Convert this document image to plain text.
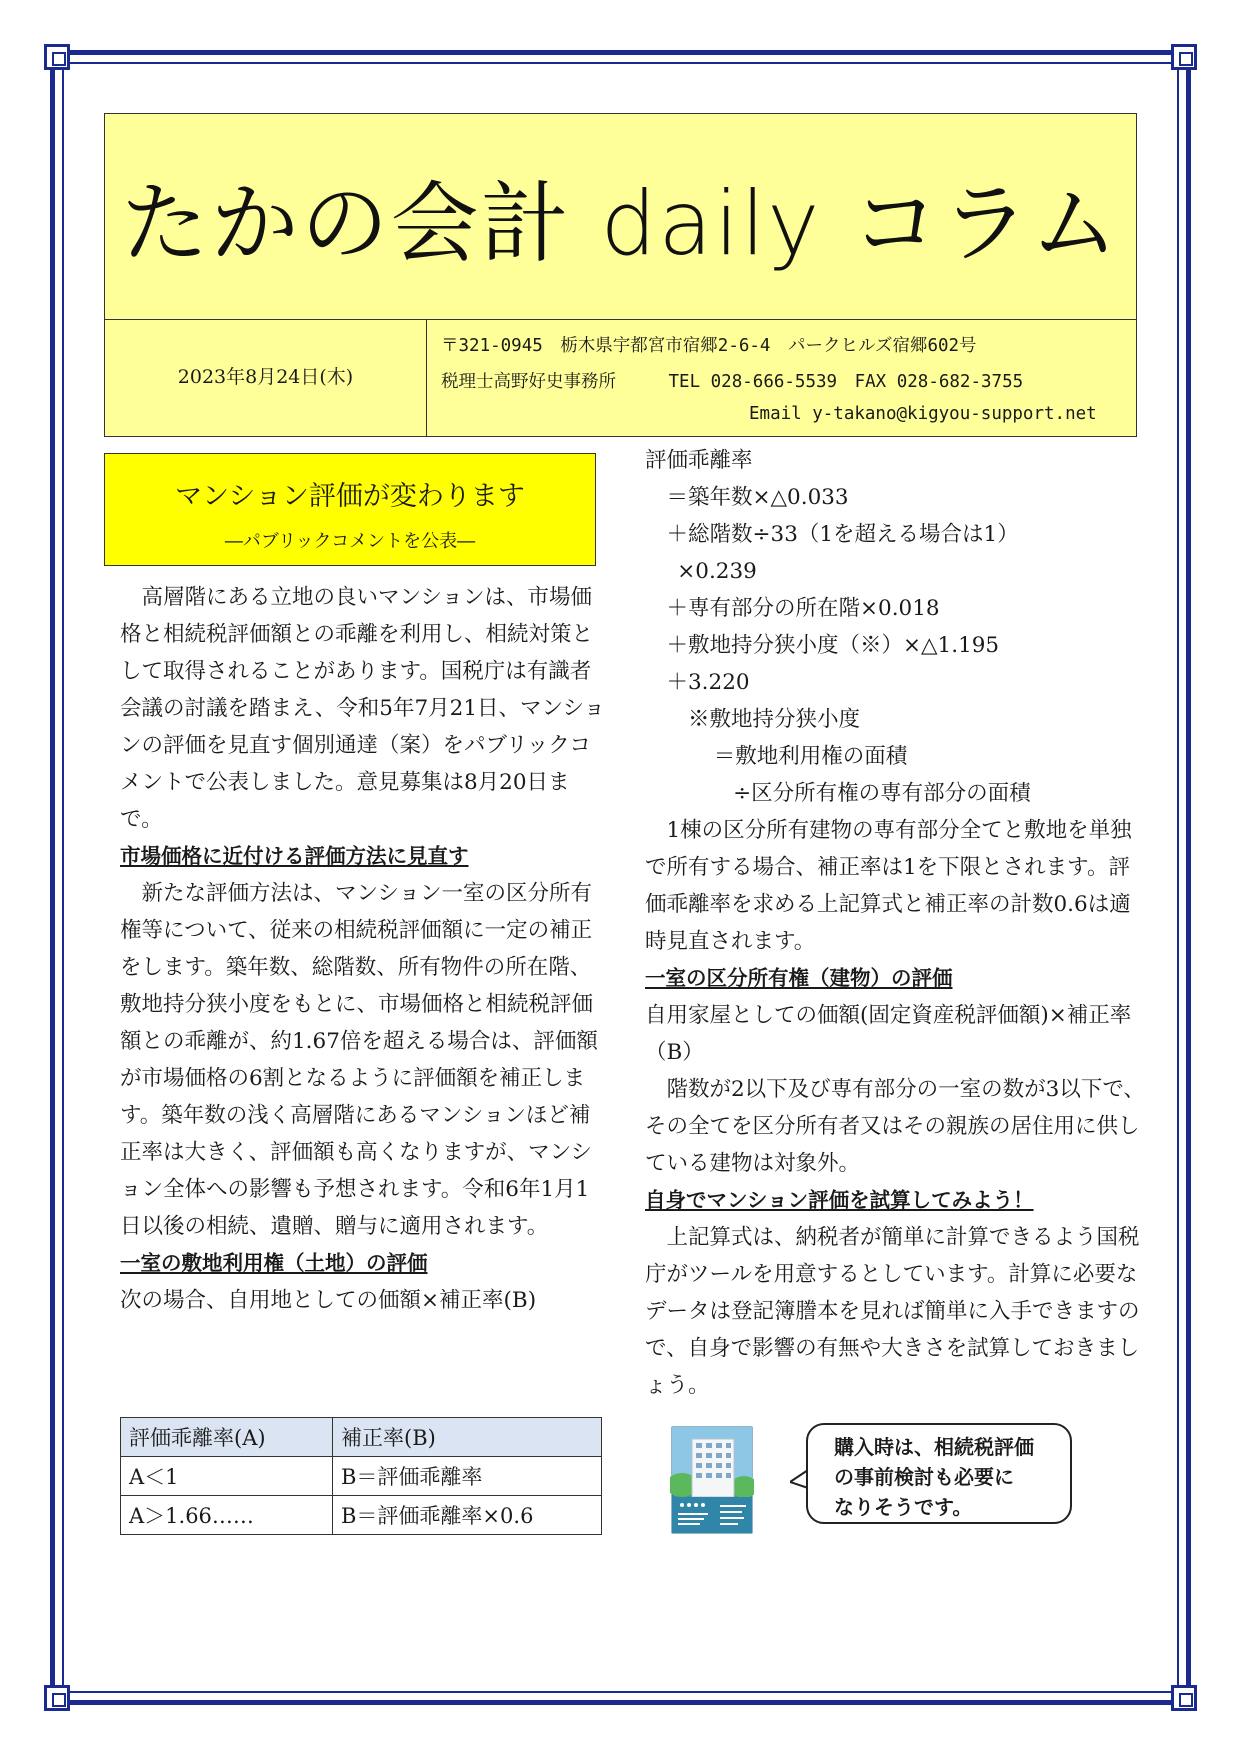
たかの会計 daily コラム
2023年8月24日(木)
〒321-0945　栃木県宇都宮市宿郷2-6-4　パークヒルズ宿郷602号
税理士高野好史事務所　　　TEL 028-666-5539　FAX 028-682-3755
Email y-takano@kigyou-support.net
マンション評価が変わります
―パブリックコメントを公表―

高層階にある立地の良いマンションは、市場価格と相続税評価額との乖離を利用し、相続対策として取得されることがあります。国税庁は有識者会議の討議を踏まえ、令和5年7月21日、マンションの評価を見直す個別通達（案）をパブリックコメントで公表しました。意見募集は8月20日まで。

市場価格に近付ける評価方法に見直す

新たな評価方法は、マンション一室の区分所有権等について、従来の相続税評価額に一定の補正をします。築年数、総階数、所有物件の所在階、敷地持分狭小度をもとに、市場価格と相続税評価額との乖離が、約1.67倍を超える場合は、評価額が市場価格の6割となるように評価額を補正します。築年数の浅く高層階にあるマンションほど補正率は大きく、評価額も高くなりますが、マンション全体への影響も予想されます。令和6年1月1日以後の相続、遺贈、贈与に適用されます。

一室の敷地利用権（土地）の評価

次の場合、自用地としての価額×補正率(B)

評価乖離率(A)	補正率(B)
A＜1	B＝評価乖離率
A＞1.66‥‥‥	B＝評価乖離率×0.6

評価乖離率

＝築年数×△0.033

＋総階数÷33（1を超える場合は1）

×0.239

＋専有部分の所在階×0.018

＋敷地持分狭小度（※）×△1.195

＋3.220

※敷地持分狭小度

＝敷地利用権の面積

÷区分所有権の専有部分の面積

1棟の区分所有建物の専有部分全てと敷地を単独で所有する場合、補正率は1を下限とされます。評価乖離率を求める上記算式と補正率の計数0.6は適時見直されます。

一室の区分所有権（建物）の評価

自用家屋としての価額(固定資産税評価額)×補正率（B）

階数が2以下及び専有部分の一室の数が3以下で、その全てを区分所有者又はその親族の居住用に供している建物は対象外。

自身でマンション評価を試算してみよう！

上記算式は、納税者が簡単に計算できるよう国税庁がツールを用意するとしています。計算に必要なデータは登記簿謄本を見れば簡単に入手できますので、自身で影響の有無や大きさを試算しておきましょう。

購入時は、相続税評価
の事前検討も必要に
なりそうです。
